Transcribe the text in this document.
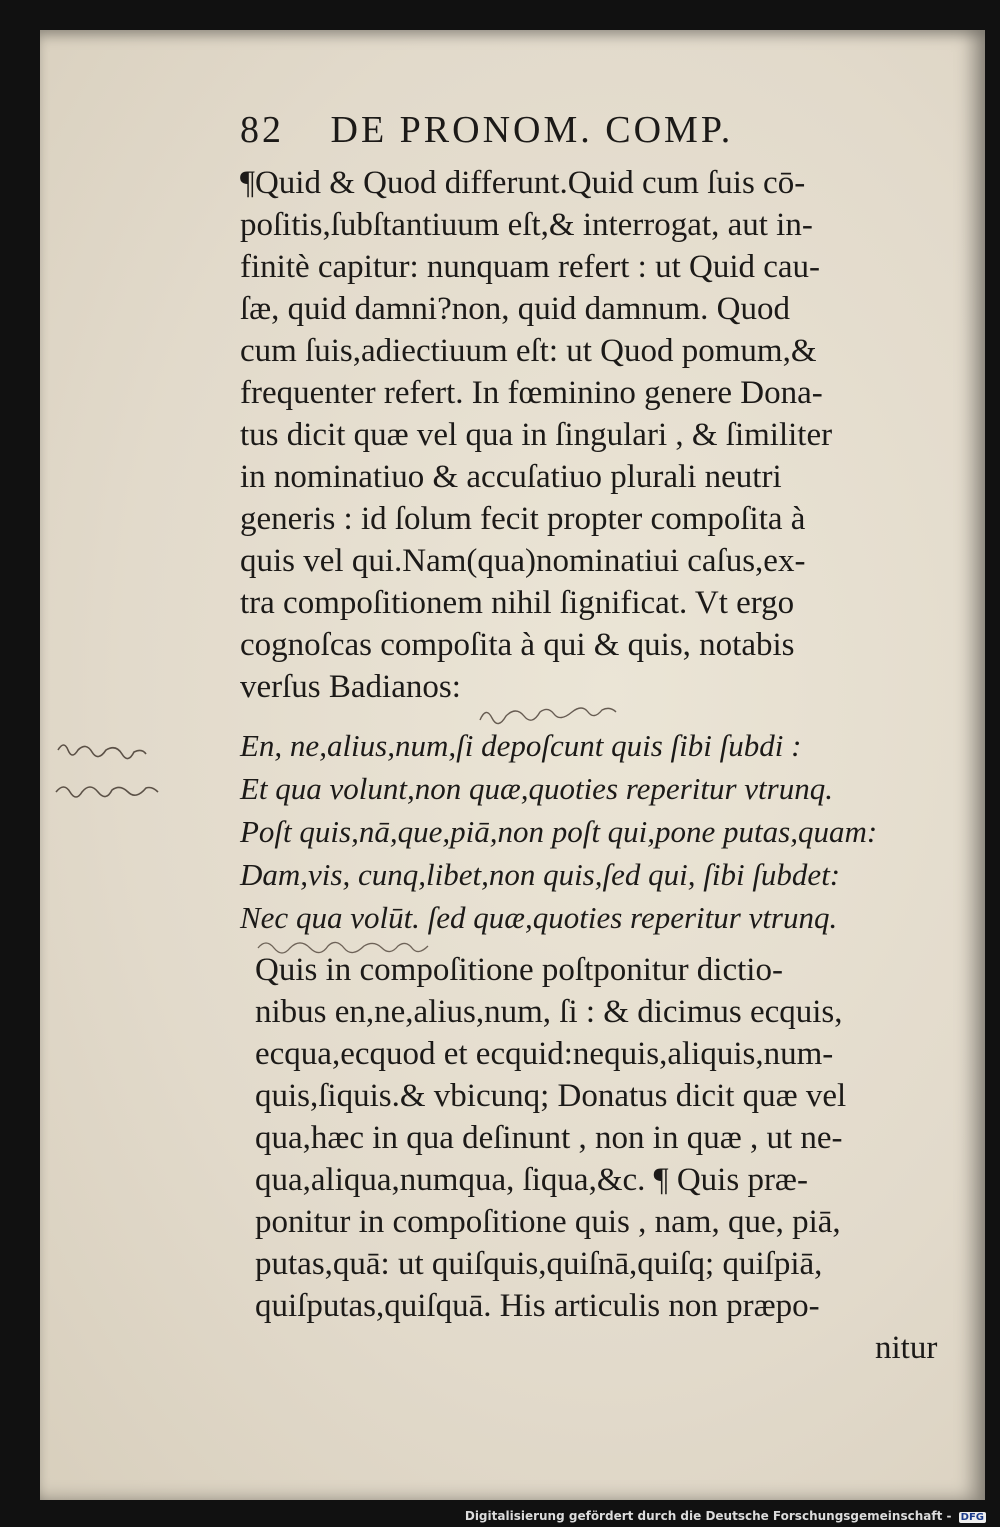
82 DE PRONOM. COMP.
¶Quid & Quod differunt.Quid cum ſuis cō-
poſitis,ſubſtantiuum eſt,& interrogat, aut in-
finitè capitur: nunquam refert : ut Quid cau-
ſæ, quid damni?non, quid damnum. Quod
cum ſuis,adiectiuum eſt: ut Quod pomum,&
frequenter refert. In fœminino genere Dona-
tus dicit quæ vel qua in ſingulari , & ſimiliter
in nominatiuo & accuſatiuo plurali neutri
generis : id ſolum fecit propter compoſita à
quis vel qui.Nam(qua)nominatiui caſus,ex-
tra compoſitionem nihil ſignificat. Vt ergo
cognoſcas compoſita à qui & quis, notabis
verſus Badianos:
En, ne,alius,num,ſi depoſcunt quis ſibi ſubdi :
Et qua volunt,non quæ,quoties reperitur vtrunq.
Poſt quis,nā,que,piā,non poſt qui,pone putas,quam:
Dam,vis, cunq,libet,non quis,ſed qui, ſibi ſubdet:
Nec qua volūt. ſed quæ,quoties reperitur vtrunq.
Quis in compoſitione poſtponitur dictio-
nibus en,ne,alius,num, ſi : & dicimus ecquis,
ecqua,ecquod et ecquid:nequis,aliquis,num-
quis,ſiquis.& vbicunq; Donatus dicit quæ vel
qua,hæc in qua deſinunt , non in quæ , ut ne-
qua,aliqua,numqua, ſiqua,&c. ¶ Quis præ-
ponitur in compoſitione quis , nam, que, piā,
putas,quā: ut quiſquis,quiſnā,quiſq; quiſpiā,
quiſputas,quiſquā. His articulis non præpo-
nitur
Digitalisierung gefördert durch die Deutsche Forschungsgemeinschaft - DFG
